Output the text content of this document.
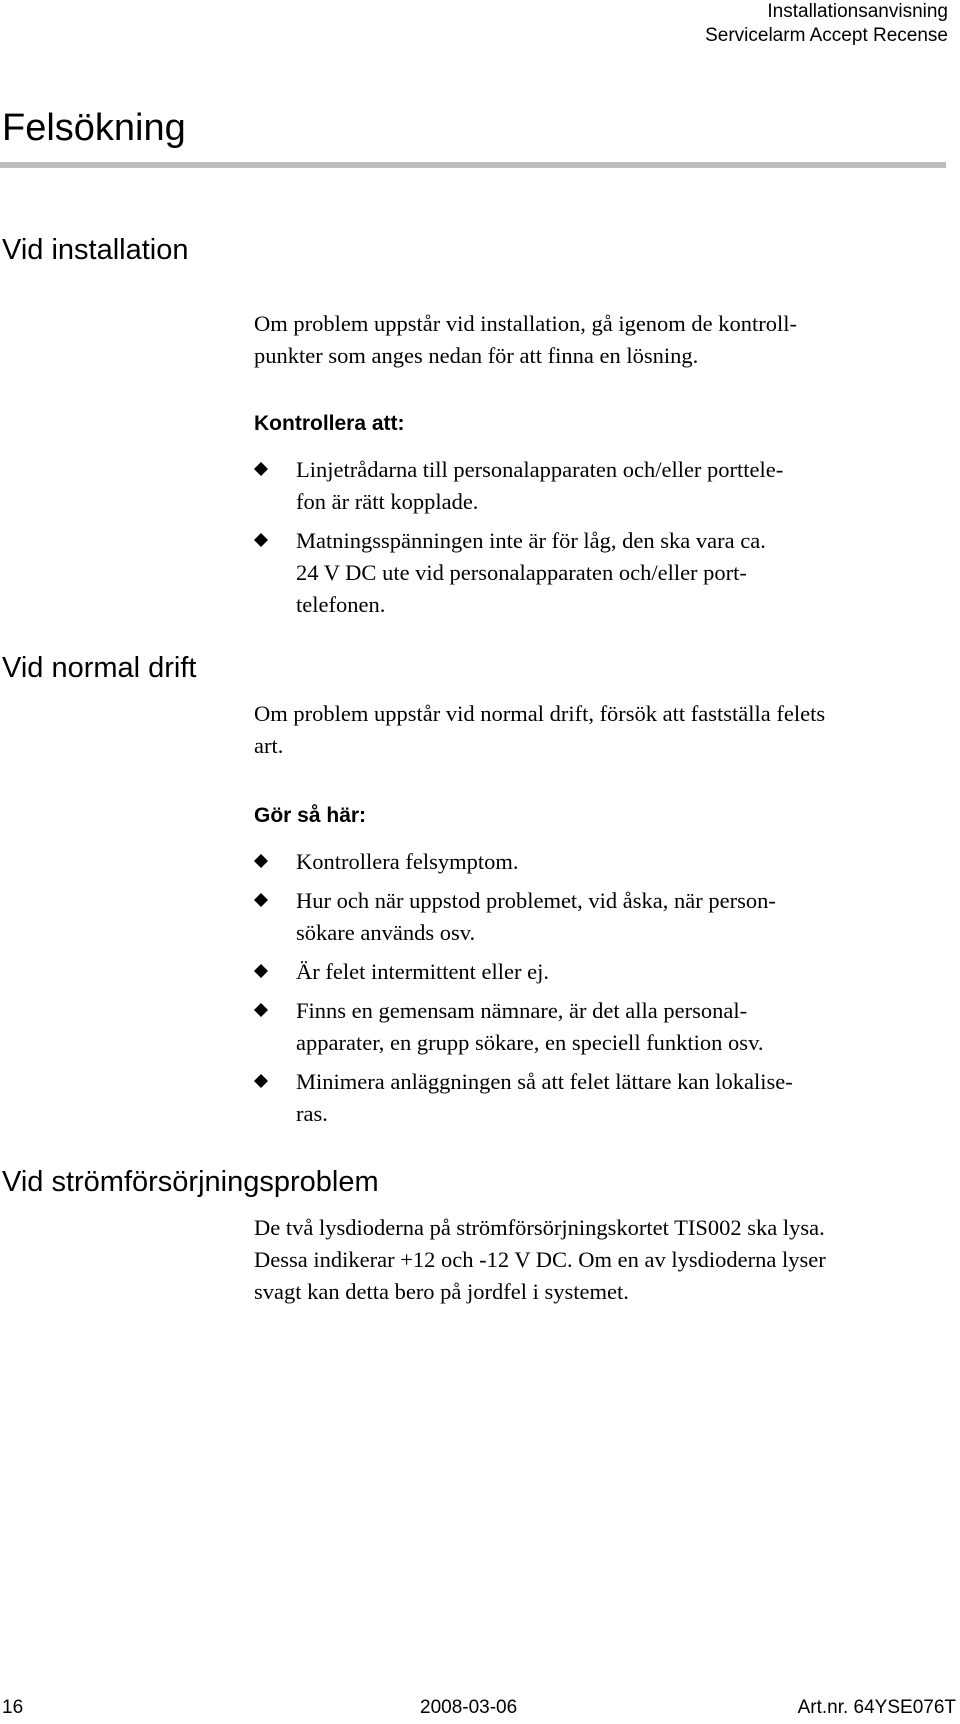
Installationsanvisning
Servicelarm Accept Recense
Felsökning
Vid installation

Om problem uppstår vid installation, gå igenom de kontroll-
punkter som anges nedan för att finna en lösning.

Kontrollera att:
Linjetrådarna till personalapparaten och/eller porttele-
fon är rätt kopplade.
Matningsspänningen inte är för låg, den ska vara ca.
24 V DC ute vid personalapparaten och/eller port-
telefonen.
Vid normal drift

Om problem uppstår vid normal drift, försök att fastställa felets
art.

Gör så här:
Kontrollera felsymptom.
Hur och när uppstod problemet, vid åska, när person-
sökare används osv.
Är felet intermittent eller ej.
Finns en gemensam nämnare, är det alla personal-
apparater, en grupp sökare, en speciell funktion osv.
Minimera anläggningen så att felet lättare kan lokalise-
ras.
Vid strömförsörjningsproblem

De två lysdioderna på strömförsörjningskortet TIS002 ska lysa.
Dessa indikerar +12 och -12 V DC. Om en av lysdioderna lyser
svagt kan detta bero på jordfel i systemet.

16	2008-03-06	Art.nr. 64YSE076T
